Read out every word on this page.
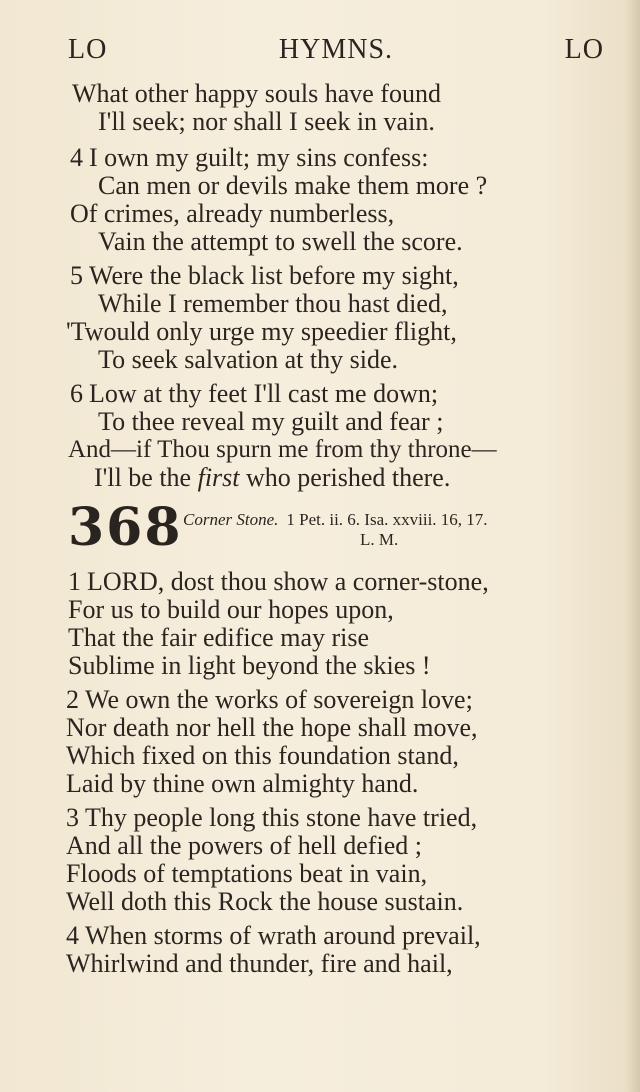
LO	HYMNS.	LO
What other happy souls have found
I'll seek; nor shall I seek in vain.
4 I own my guilt; my sins confess:
Can men or devils make them more ?
Of crimes, already numberless,
Vain the attempt to swell the score.
5 Were the black list before my sight,
While I remember thou hast died,
'Twould only urge my speedier flight,
To seek salvation at thy side.
6 Low at thy feet I'll cast me down;
To thee reveal my guilt and fear ;
And—if Thou spurn me from thy throne—
I'll be the first who perished there.
368 Corner Stone. 1 Pet. ii. 6. Isa. xxviii. 16, 17.
L. M.
1 LORD, dost thou show a corner-stone,
For us to build our hopes upon,
That the fair edifice may rise
Sublime in light beyond the skies !
2 We own the works of sovereign love;
Nor death nor hell the hope shall move,
Which fixed on this foundation stand,
Laid by thine own almighty hand.
3 Thy people long this stone have tried,
And all the powers of hell defied ;
Floods of temptations beat in vain,
Well doth this Rock the house sustain.
4 When storms of wrath around prevail,
Whirlwind and thunder, fire and hail,
